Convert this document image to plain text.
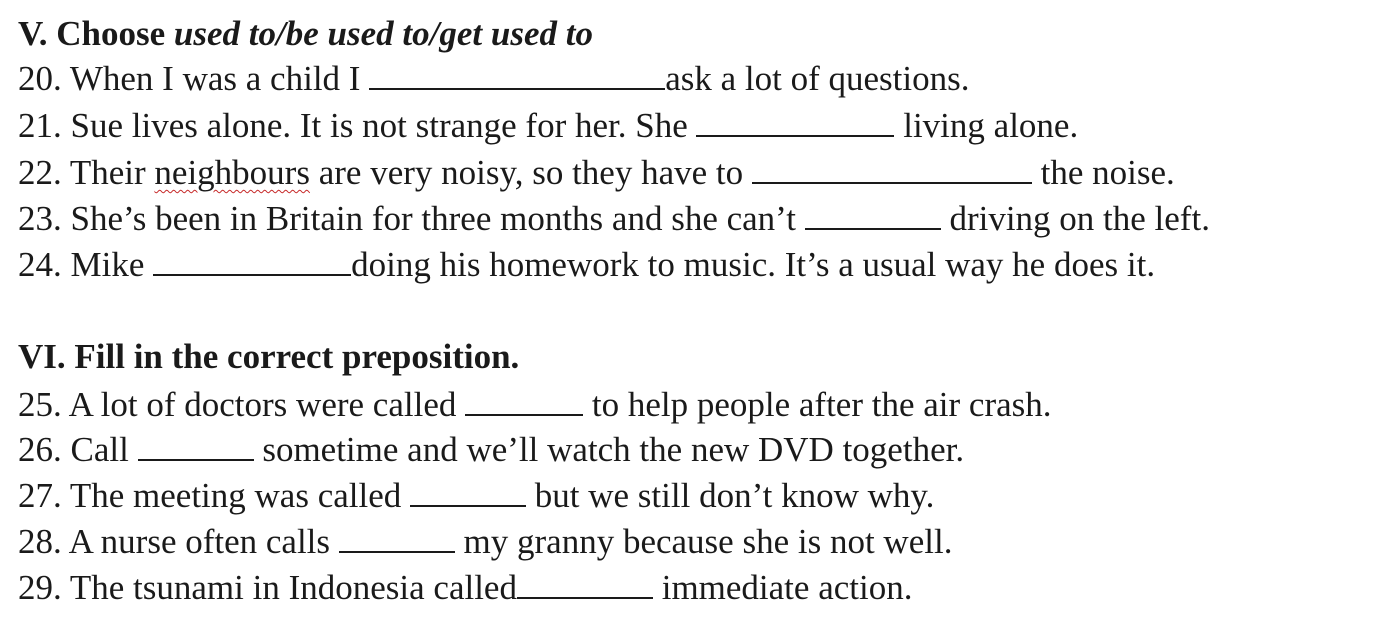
V. Choose used to/be used to/get used to
20. When I was a child I	ask a lot of questions.
21. Sue lives alone. It is not strange for her. She	living alone.
22. Their neighbours are very noisy, so they have to	the noise.
23. She’s been in Britain for three months and she can’t	driving on the left.
24. Mike	doing his homework to music. It’s a usual way he does it.
VI. Fill in the correct preposition.
25. A lot of doctors were called	to help people after the air crash.
26. Call	sometime and we’ll watch the new DVD together.
27. The meeting was called	but we still don’t know why.
28. A nurse often calls	my granny because she is not well.
29. The tsunami in Indonesia called	immediate action.
